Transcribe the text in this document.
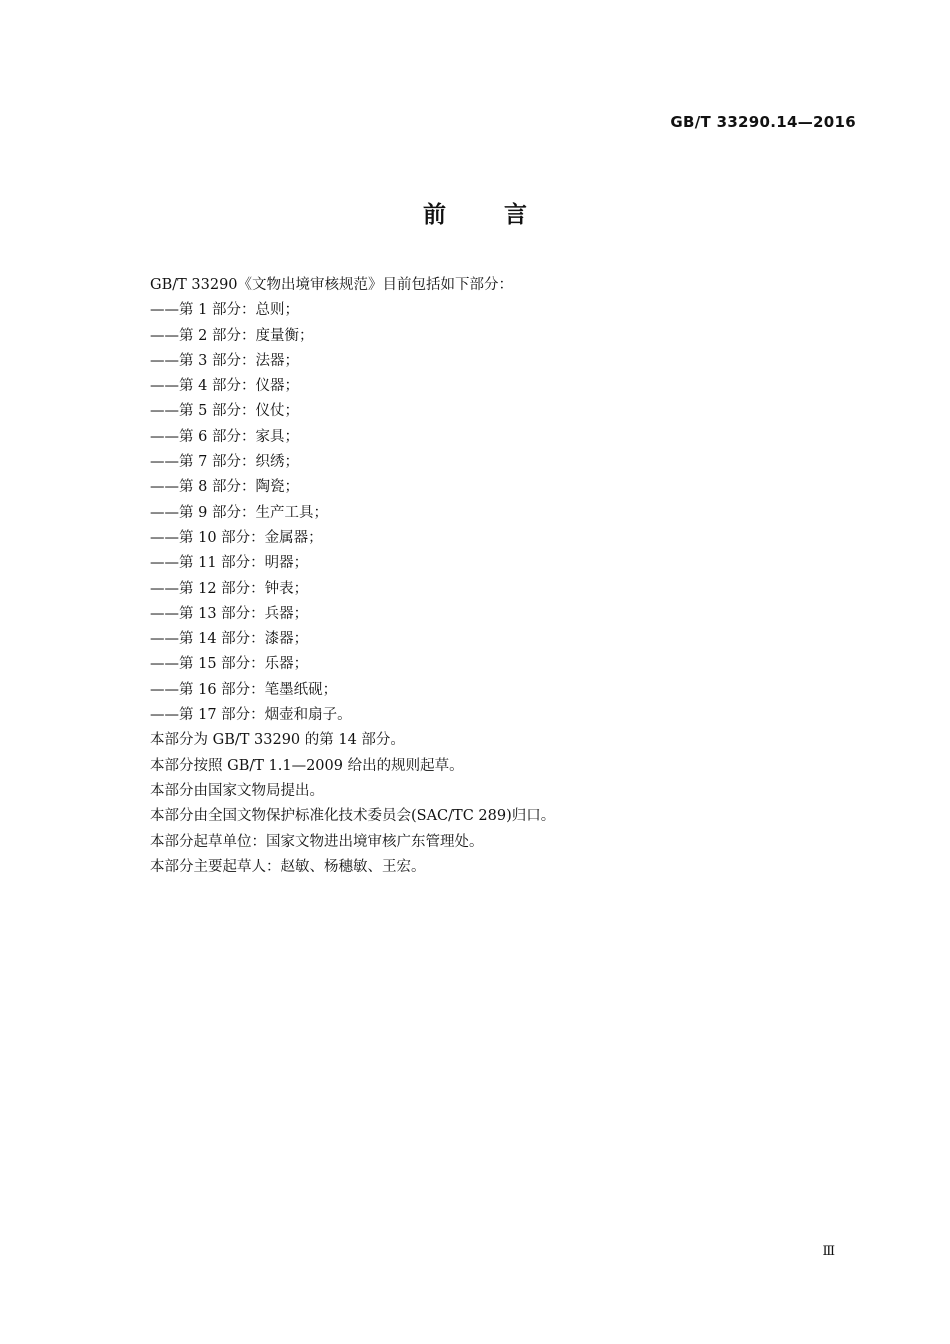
GB/T 33290.14—2016
前言
GB/T 33290《文物出境审核规范》目前包括如下部分：
——第 1 部分：总则；
——第 2 部分：度量衡；
——第 3 部分：法器；
——第 4 部分：仪器；
——第 5 部分：仪仗；
——第 6 部分：家具；
——第 7 部分：织绣；
——第 8 部分：陶瓷；
——第 9 部分：生产工具；
——第 10 部分：金属器；
——第 11 部分：明器；
——第 12 部分：钟表；
——第 13 部分：兵器；
——第 14 部分：漆器；
——第 15 部分：乐器；
——第 16 部分：笔墨纸砚；
——第 17 部分：烟壶和扇子。
本部分为 GB/T 33290 的第 14 部分。
本部分按照 GB/T 1.1—2009 给出的规则起草。
本部分由国家文物局提出。
本部分由全国文物保护标准化技术委员会(SAC/TC 289)归口。
本部分起草单位：国家文物进出境审核广东管理处。
本部分主要起草人：赵敏、杨穗敏、王宏。
Ⅲ
